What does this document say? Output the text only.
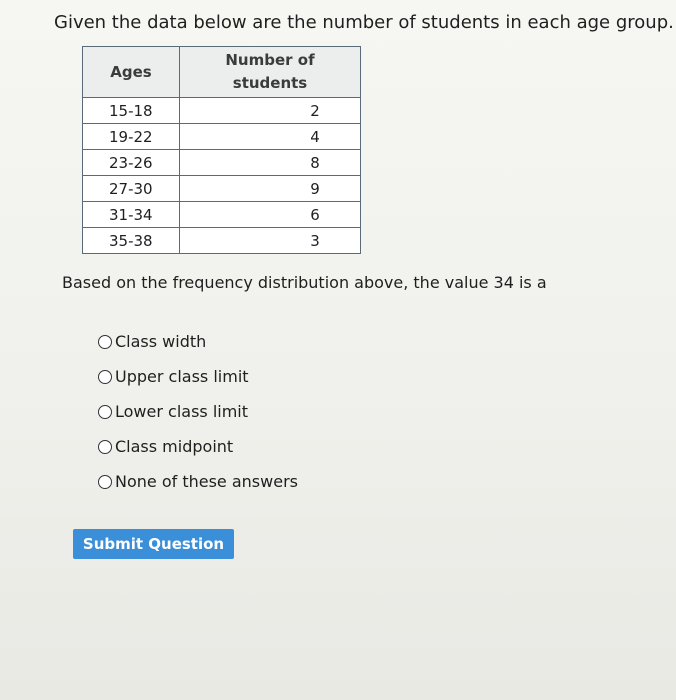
Given the data below are the number of students in each age group.
Ages	Number of
students

15-18	2
19-22	4
23-26	8
27-30	9
31-34	6
35-38	3
Based on the frequency distribution above, the value 34 is a
Class width
Upper class limit
Lower class limit
Class midpoint
None of these answers
Submit Question
